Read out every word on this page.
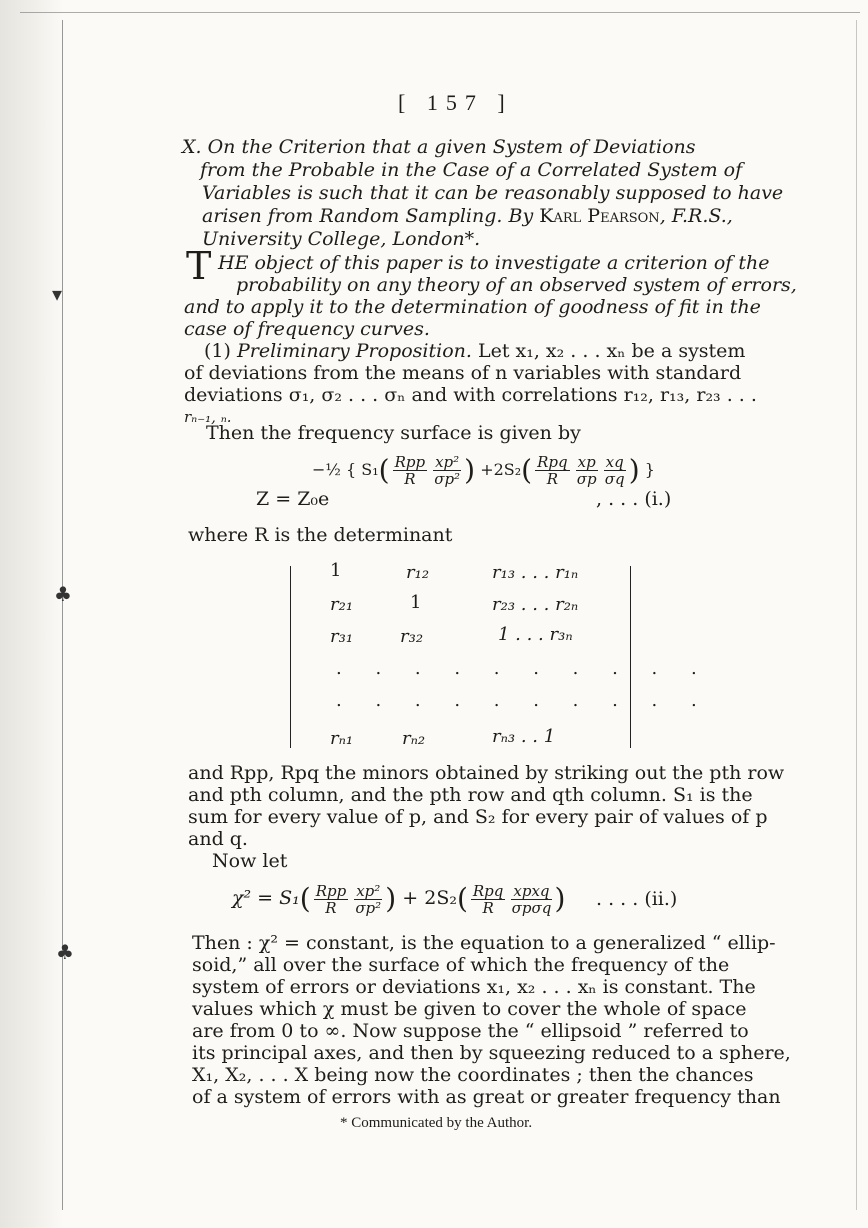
▾
♣
♣
[ 157 ]
X. On the Criterion that a given System of Deviations
from the Probable in the Case of a Correlated System of
Variables is such that it can be reasonably supposed to have
arisen from Random Sampling. By Karl Pearson, F.R.S.,
University College, London*.
T HE object of this paper is to investigate a criterion of the
probability on any theory of an observed system of errors,
and to apply it to the determination of goodness of fit in the
case of frequency curves.
(1) Preliminary Proposition. Let x₁, x₂ . . . xₙ be a system
of deviations from the means of n variables with standard
deviations σ₁, σ₂ . . . σₙ and with correlations r₁₂, r₁₃, r₂₃ . . .
rₙ₋₁, ₙ.
Then the frequency surface is given by
−½ { $S_1( \frac{\text{Rpp}}{R} \frac{\text{xp²}}{\text{σp²}}$ ) $+2S_2( \frac{\text{Rpq}}{R} \frac{xp}{\sigma p} \frac{xq}{\sigma q}$ ) }
Z = Z₀e	, . . . (i.)
where R is the determinant
1	r₁₂	r₁₃ . . . r₁ₙ
r₂₁	1	r₂₃ . . . r₂ₙ
r₃₁	r₃₂	1 . . . r₃ₙ
. . . . . . . . . .
. . . . . . . . . .
rₙ₁	rₙ₂	rₙ₃ . . 1
and Rpp, Rpq the minors obtained by striking out the pth row
and pth column, and the pth row and qth column. S₁ is the
sum for every value of p, and S₂ for every pair of values of p
and q.
Now let
$\chi^2 = S_1( \frac{\text{Rpp}}{R} \frac{\text{xp²}}{\text{σp²}}$ ) + $2S_2( \frac{\text{Rpq}}{R} \frac{\text{xpxq}}{\text{σpσq}}$ ) . . . . (ii.)
Then : χ² = constant, is the equation to a generalized “ ellip-
soid,” all over the surface of which the frequency of the
system of errors or deviations x₁, x₂ . . . xₙ is constant. The
values which χ must be given to cover the whole of space
are from 0 to ∞. Now suppose the “ ellipsoid ” referred to
its principal axes, and then by squeezing reduced to a sphere,
X₁, X₂, . . . X being now the coordinates ; then the chances
of a system of errors with as great or greater frequency than
* Communicated by the Author.
